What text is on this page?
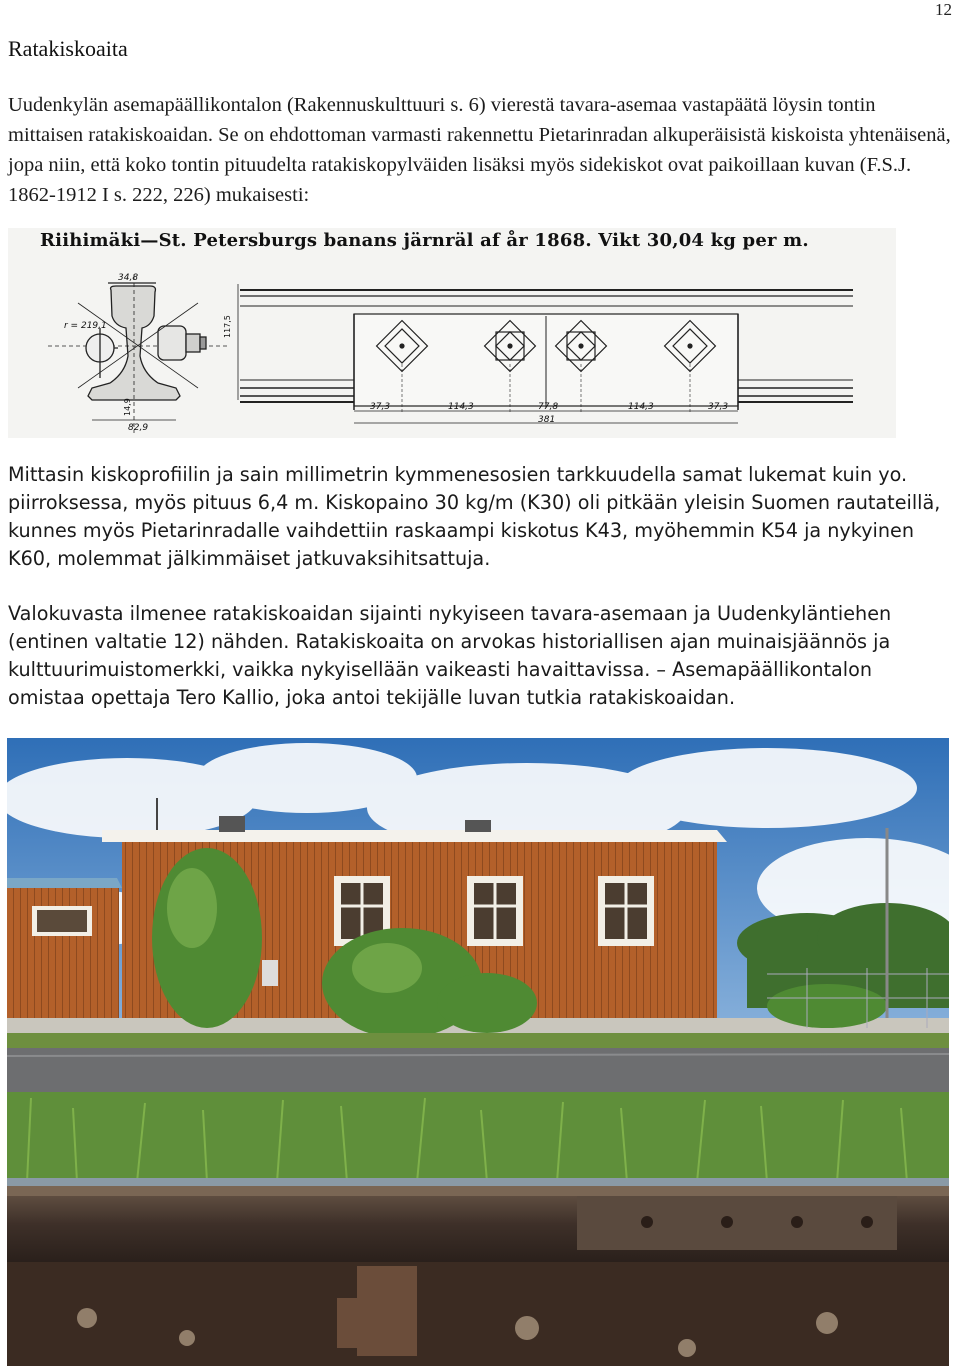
12
Ratakiskoaita

Uudenkylän asemapäällikontalon (Rakennuskulttuuri s. 6) vierestä tavara-asemaa vastapäätä löysin tontin mittaisen ratakiskoaidan. Se on ehdottoman varmasti rakennettu Pietarinradan alkuperäisistä kiskoista yhtenäisenä, jopa niin, että koko tontin pituudelta ratakiskopylväiden lisäksi myös sidekiskot ovat paikoillaan kuvan (F.S.J. 1862-1912 I s. 222, 226) mukaisesti:

Riihimäki—St. Petersburgs banans järnräl af år 1868. Vikt 30,04 kg per m.
34,8
r = 219,1	117,5
14,9
82,9
37,3	114,3	77,8	114,3	37,3
381

Mittasin kiskoprofiilin ja sain millimetrin kymmenesosien tarkkuudella samat lukemat kuin yo. piirroksessa, myös pituus 6,4 m. Kiskopaino 30 kg/m (K30) oli pitkään yleisin Suomen rautateillä, kunnes myös Pietarinradalle vaihdettiin raskaampi kiskotus K43, myöhemmin K54 ja nykyinen K60, molemmat jälkimmäiset jatkuvaksihitsattuja.

Valokuvasta ilmenee ratakiskoaidan sijainti nykyiseen tavara-asemaan ja Uudenkyläntiehen (entinen valtatie 12) nähden. Ratakiskoaita on arvokas historiallisen ajan muinaisjäännös ja kulttuurimuistomerkki, vaikka nykyisellään vaikeasti havaittavissa. – Asemapäällikontalon omistaa opettaja Tero Kallio, joka antoi tekijälle luvan tutkia ratakiskoaidan.
